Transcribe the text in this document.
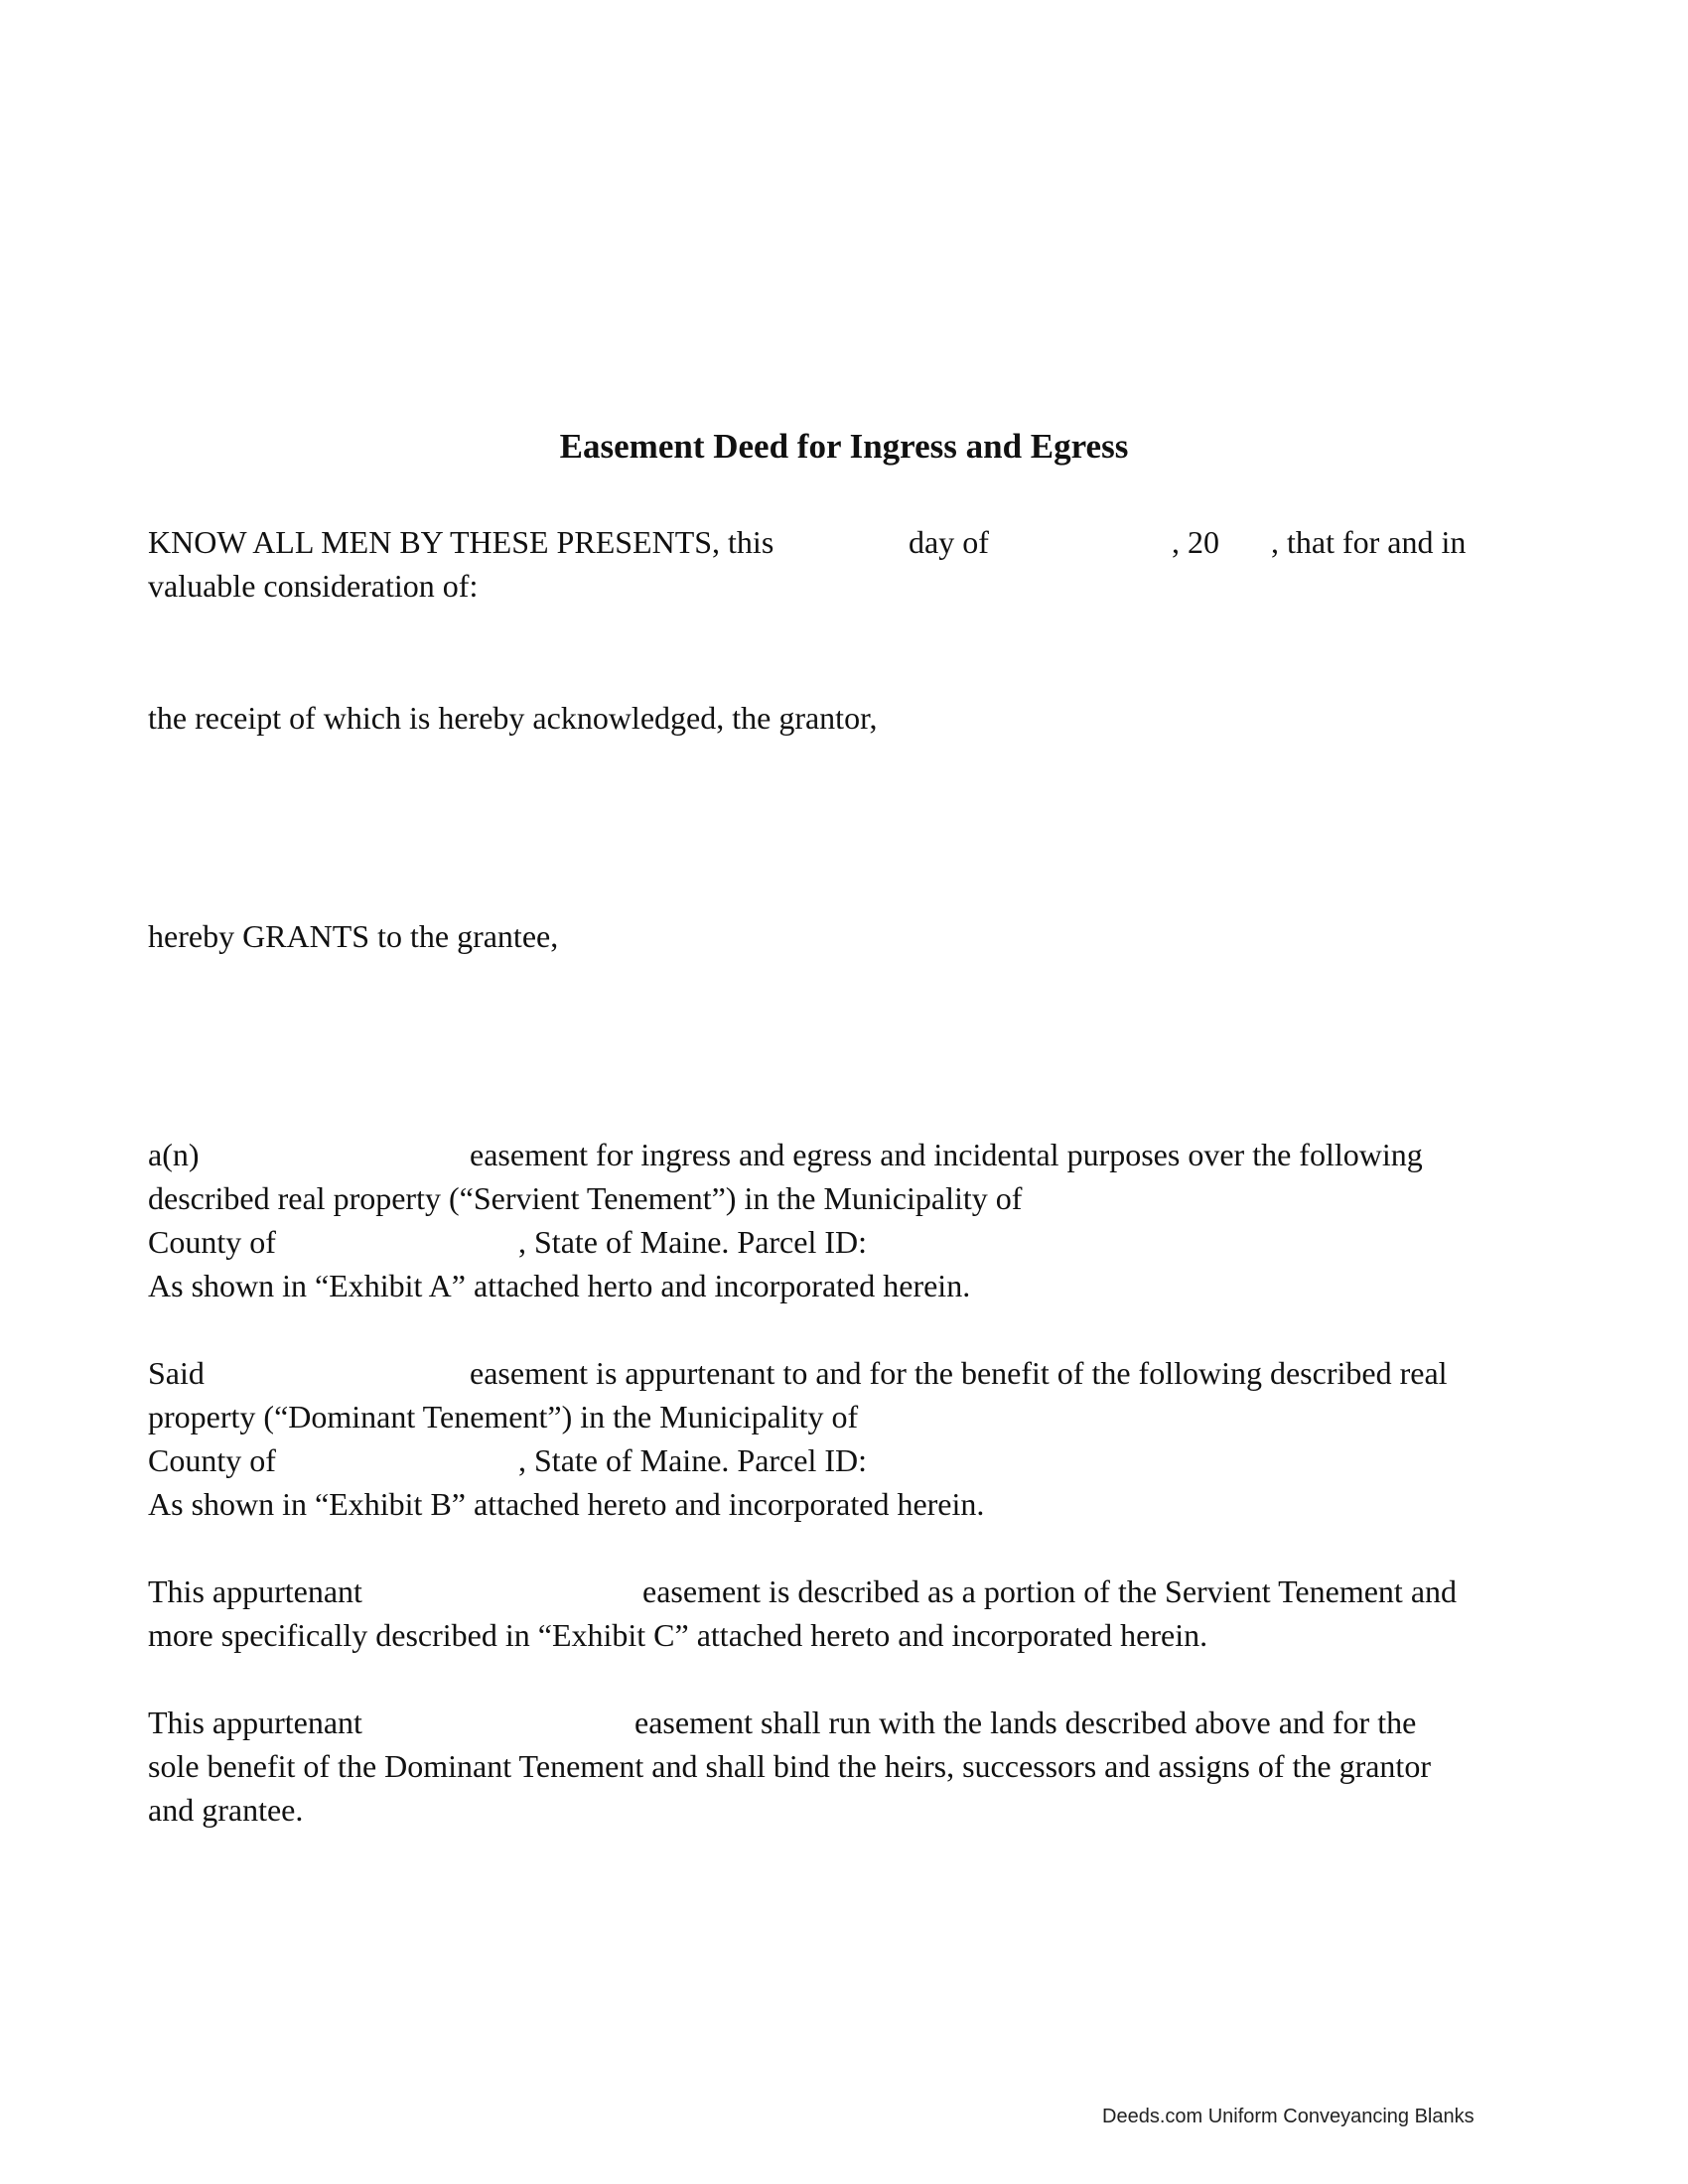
Easement Deed for Ingress and Egress
KNOW ALL MEN BY THESE PRESENTS, this	day of	, 20 , that for and in
valuable consideration of:
the receipt of which is hereby acknowledged, the grantor,
hereby GRANTS to the grantee,
a(n)	easement for ingress and egress and incidental purposes over the following
described real property (“Servient Tenement”) in the Municipality of
County of	, State of Maine. Parcel ID:
As shown in “Exhibit A” attached herto and incorporated herein.
Said	easement is appurtenant to and for the benefit of the following described real
property (“Dominant Tenement”) in the Municipality of
County of	, State of Maine. Parcel ID:
As shown in “Exhibit B” attached hereto and incorporated herein.
This appurtenant	easement is described as a portion of the Servient Tenement and
more specifically described in “Exhibit C” attached hereto and incorporated herein.
This appurtenant	easement shall run with the lands described above and for the
sole benefit of the Dominant Tenement and shall bind the heirs, successors and assigns of the grantor
and grantee.
Deeds.com Uniform Conveyancing Blanks
